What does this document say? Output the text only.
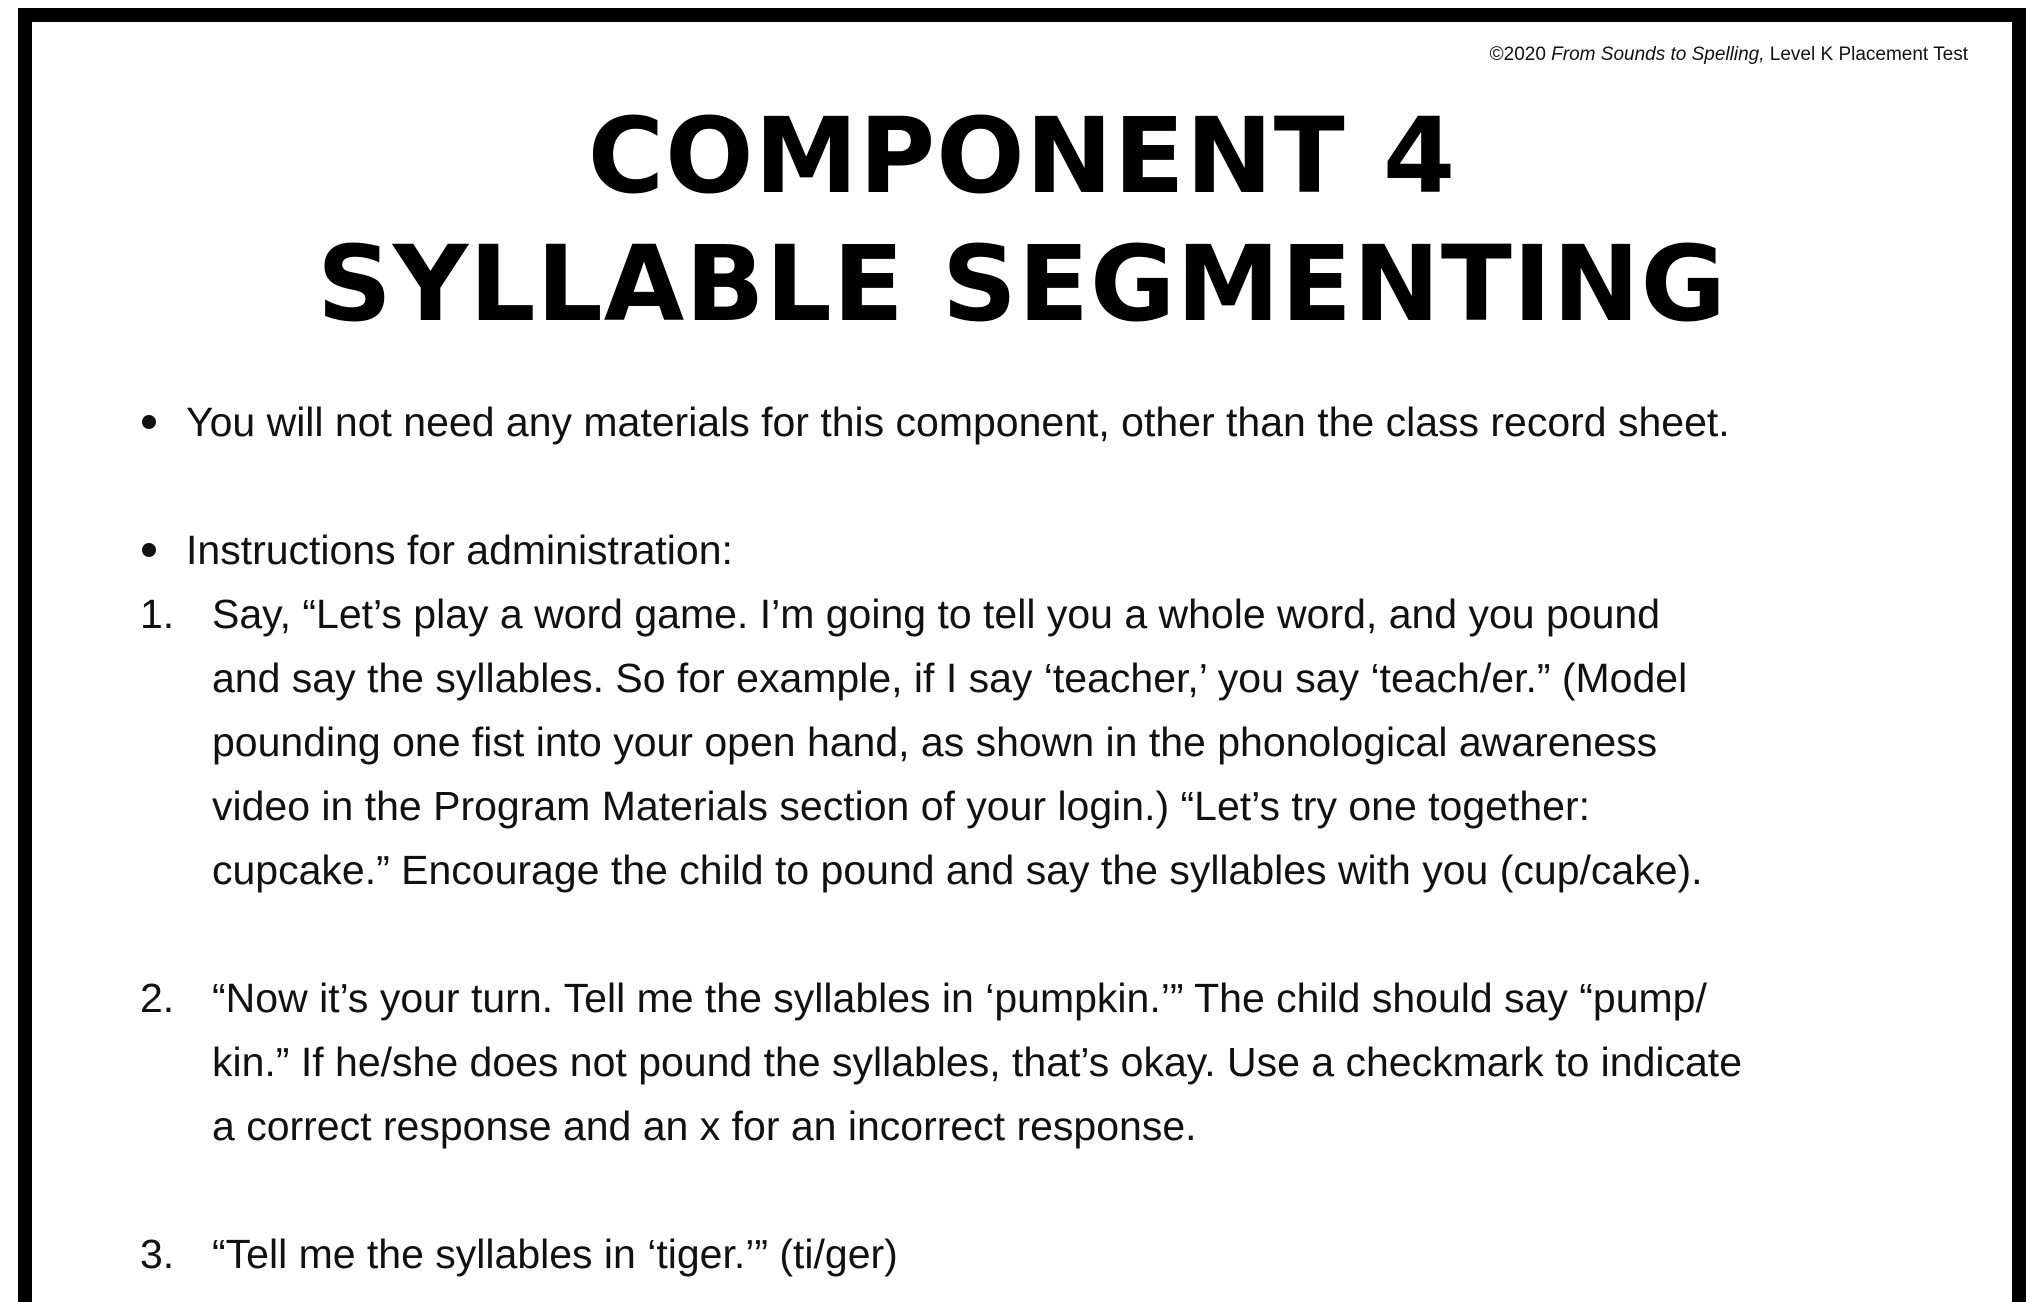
©2020 From Sounds to Spelling, Level K Placement Test
COMPONENT 4
SYLLABLE SEGMENTING
You will not need any materials for this component, other than the class record sheet.
Instructions for administration:
1. Say, “Let’s play a word game. I’m going to tell you a whole word, and you pound
and say the syllables. So for example, if I say ‘teacher,’ you say ‘teach/er.” (Model
pounding one fist into your open hand, as shown in the phonological awareness
video in the Program Materials section of your login.) “Let’s try one together:
cupcake.” Encourage the child to pound and say the syllables with you (cup/cake).
2. “Now it’s your turn. Tell me the syllables in ‘pumpkin.’” The child should say “pump/
kin.” If he/she does not pound the syllables, that’s okay. Use a checkmark to indicate
a correct response and an x for an incorrect response.
3. “Tell me the syllables in ‘tiger.’” (ti/ger)
